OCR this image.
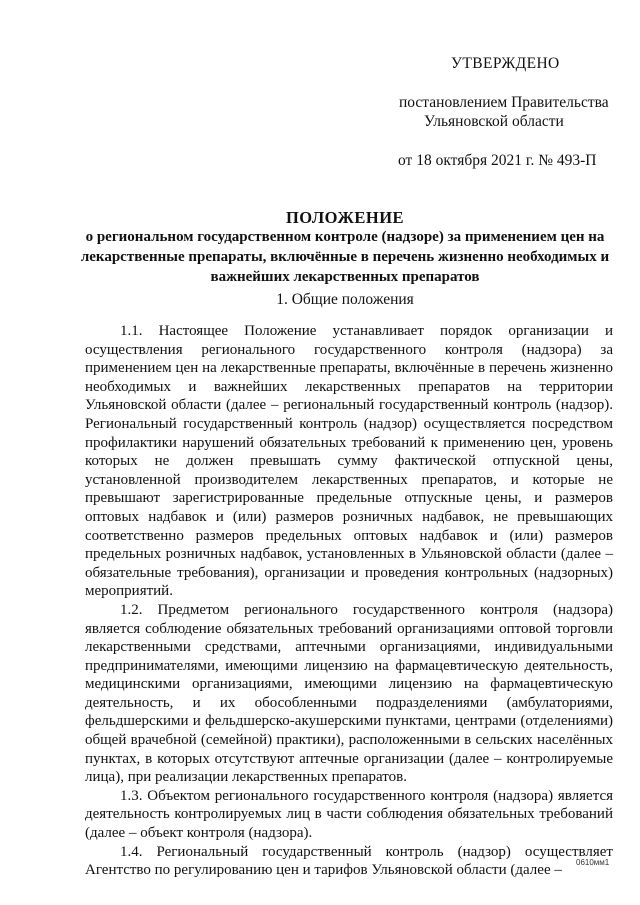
УТВЕРЖДЕНО
постановлением Правительства
Ульяновской области
от 18 октября 2021 г. № 493-П

ПОЛОЖЕНИЕ

о региональном государственном контроле (надзоре) за применением цен на лекарственные препараты, включённые в перечень жизненно необходимых и важнейших лекарственных препаратов

1. Общие положения

1.1. Настоящее Положение устанавливает порядок организации и осуществления регионального государственного контроля (надзора) за применением цен на лекарственные препараты, включённые в перечень жизненно необходимых и важнейших лекарственных препаратов на территории Ульяновской области (далее – региональный государственный контроль (надзор). Региональный государственный контроль (надзор) осуществляется посредством профилактики нарушений обязательных требований к применению цен, уровень которых не должен превышать сумму фактической отпускной цены, установленной производителем лекарственных препаратов, и которые не превышают зарегистрированные предельные отпускные цены, и размеров оптовых надбавок и (или) размеров розничных надбавок, не превышающих соответственно размеров предельных оптовых надбавок и (или) размеров предельных розничных надбавок, установленных в Ульяновской области (далее – обязательные требования), организации и проведения контрольных (надзорных) мероприятий.

1.2. Предметом регионального государственного контроля (надзора) является соблюдение обязательных требований организациями оптовой торговли лекарственными средствами, аптечными организациями, индивидуальными предпринимателями, имеющими лицензию на фармацевтическую деятельность, медицинскими организациями, имеющими лицензию на фармацевтическую деятельность, и их обособленными подразделениями (амбулаториями, фельдшерскими и фельдшерско-акушерскими пунктами, центрами (отделениями) общей врачебной (семейной) практики), расположенными в сельских населённых пунктах, в которых отсутствуют аптечные организации (далее – контролируемые лица), при реализации лекарственных препаратов.

1.3. Объектом регионального государственного контроля (надзора) является деятельность контролируемых лиц в части соблюдения обязательных требований (далее – объект контроля (надзора).

1.4. Региональный государственный контроль (надзор) осуществляет Агентство по регулированию цен и тарифов Ульяновской области (далее –	0610мм1
